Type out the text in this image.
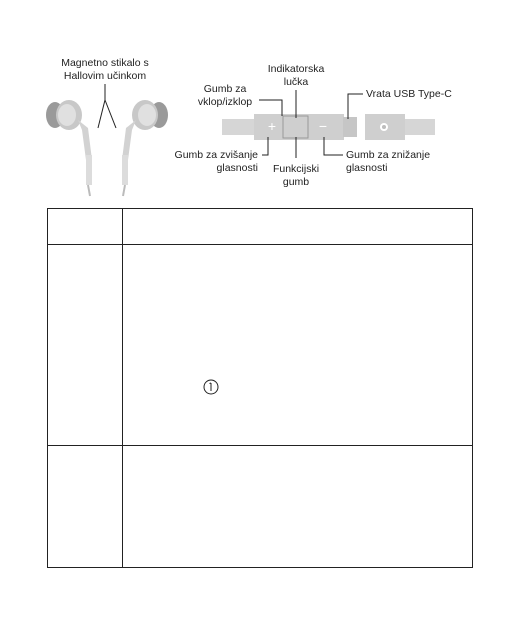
Magnetno stikalo s
Hallovim učinkom
+	−
Indikatorska
lučka
Gumb za
vklop/izklop
Vrata USB Type-C
Gumb za zvišanje
glasnosti Funkcijski
gumb
Gumb za znižanje
glasnosti
